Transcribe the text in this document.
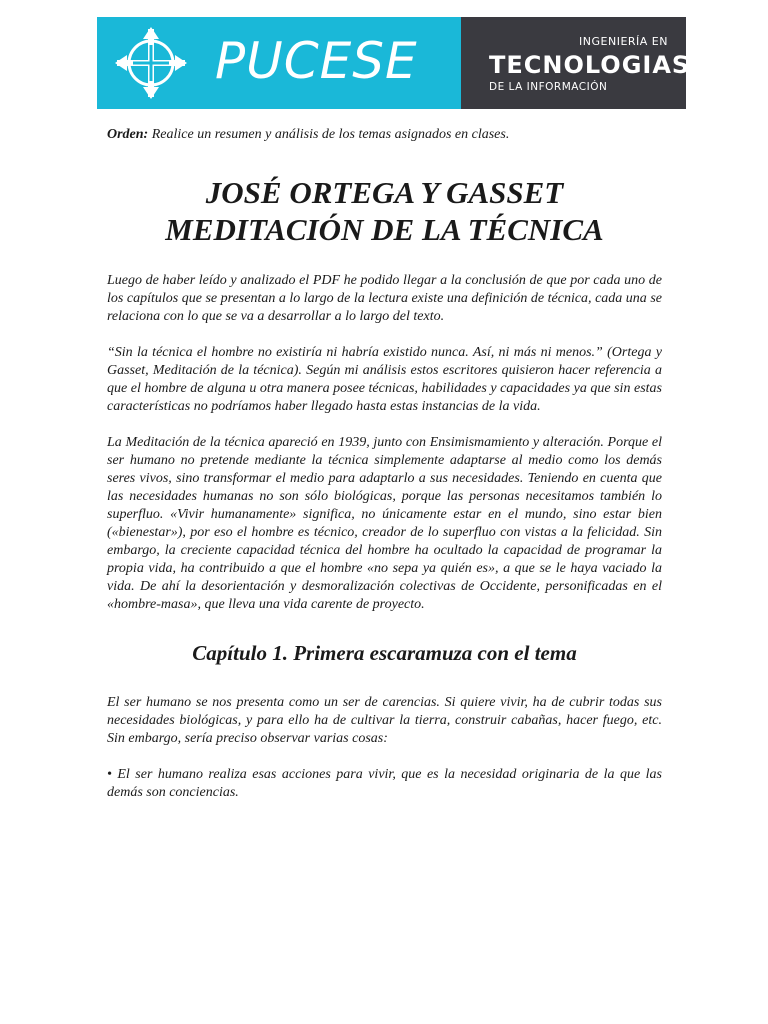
PUCESE	INGENIERÍA EN
TECNOLOGIAS
DE LA INFORMACIÓN

Orden: Realice un resumen y análisis de los temas asignados en clases.

JOSÉ ORTEGA Y GASSET
MEDITACIÓN DE LA TÉCNICA

Luego de haber leído y analizado el PDF he podido llegar a la conclusión de que por cada uno de los capítulos que se presentan a lo largo de la lectura existe una definición de técnica, cada una se relaciona con lo que se va a desarrollar a lo largo del texto.

“Sin la técnica el hombre no existiría ni habría existido nunca. Así, ni más ni menos.” (Ortega y Gasset, Meditación de la técnica). Según mi análisis estos escritores quisieron hacer referencia a que el hombre de alguna u otra manera posee técnicas, habilidades y capacidades ya que sin estas características no podríamos haber llegado hasta estas instancias de la vida.

La Meditación de la técnica apareció en 1939, junto con Ensimismamiento y alteración. Porque el ser humano no pretende mediante la técnica simplemente adaptarse al medio como los demás seres vivos, sino transformar el medio para adaptarlo a sus necesidades. Teniendo en cuenta que las necesidades humanas no son sólo biológicas, porque las personas necesitamos también lo superfluo. «Vivir humanamente» significa, no únicamente estar en el mundo, sino estar bien («bienestar»), por eso el hombre es técnico, creador de lo superfluo con vistas a la felicidad. Sin embargo, la creciente capacidad técnica del hombre ha ocultado la capacidad de programar la propia vida, ha contribuido a que el hombre «no sepa ya quién es», a que se le haya vaciado la vida. De ahí la desorientación y desmoralización colectivas de Occidente, personificadas en el «hombre-masa», que lleva una vida carente de proyecto.

Capítulo 1. Primera escaramuza con el tema

El ser humano se nos presenta como un ser de carencias. Si quiere vivir, ha de cubrir todas sus necesidades biológicas, y para ello ha de cultivar la tierra, construir cabañas, hacer fuego, etc. Sin embargo, sería preciso observar varias cosas:

• El ser humano realiza esas acciones para vivir, que es la necesidad originaria de la que las demás son conciencias.
